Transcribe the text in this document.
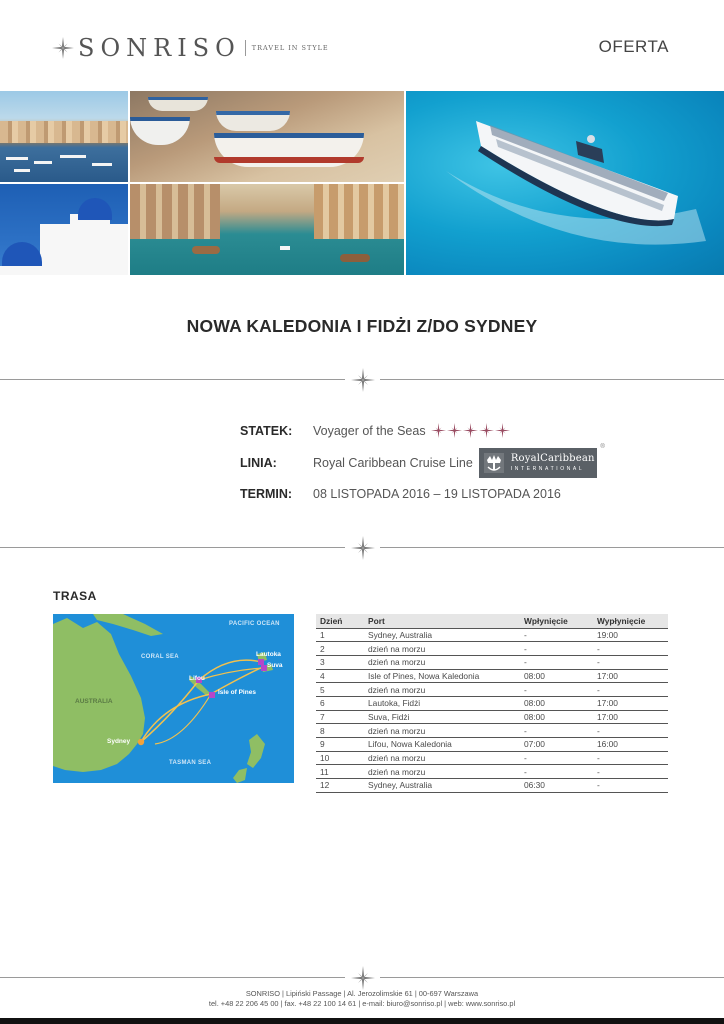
SONRISO TRAVEL IN STYLE	OFERTA
NOWA KALEDONIA I FIDŻI Z/DO SYDNEY
STATEK:	Voyager of the Seas
LINIA:	Royal Caribbean Cruise Line	RoyalCaribbean
INTERNATIONAL
®
TERMIN:	08 LISTOPADA 2016 – 19 LISTOPADA 2016
TRASA
PACIFIC OCEAN
CORAL SEA
TASMAN SEA
AUSTRALIA
Sydney
Lifou
Isle of Pines
Lautoka
Suva
Dzień	Port	Wpłynięcie	Wypłynięcie
1	Sydney, Australia	-	19:00
2	dzień na morzu	-	-
3	dzień na morzu	-	-
4	Isle of Pines, Nowa Kaledonia	08:00	17:00
5	dzień na morzu	-	-
6	Lautoka, Fidżi	08:00	17:00
7	Suva, Fidżi	08:00	17:00
8	dzień na morzu	-	-
9	Lifou, Nowa Kaledonia	07:00	16:00
10	dzień na morzu	-	-
11	dzień na morzu	-	-
12	Sydney, Australia	06:30	-
SONRISO | Lipiński Passage | Al. Jerozolimskie 61 | 00-697 Warszawa
tel. +48 22 206 45 00 | fax. +48 22 100 14 61 | e-mail: biuro@sonriso.pl | web: www.sonriso.pl
